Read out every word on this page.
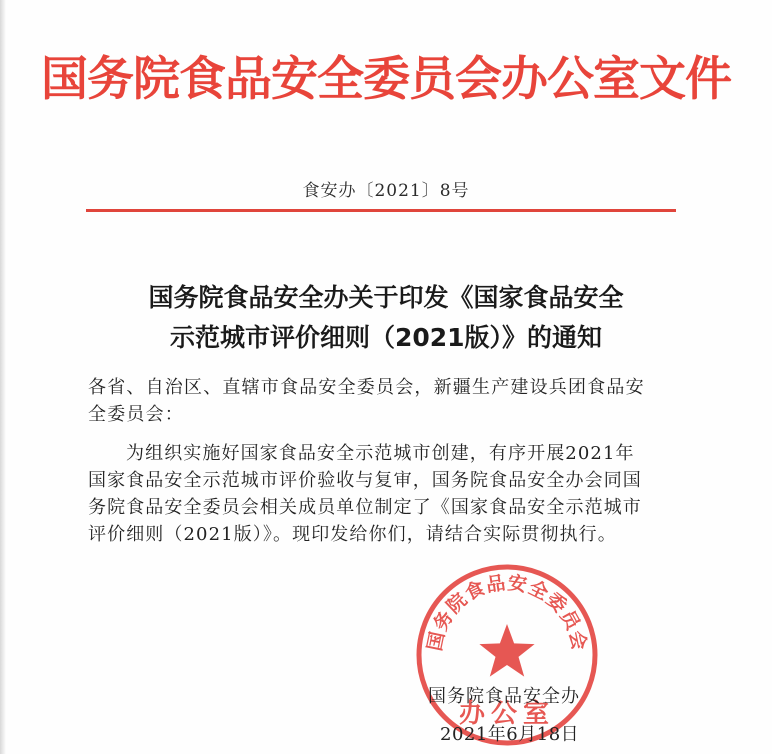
国务院食品安全委员会办公室文件
食安办〔2021〕8号
国务院食品安全办关于印发《国家食品安全
示范城市评价细则（2021版）》的通知
各省、自治区、直辖市食品安全委员会，新疆生产建设兵团食品安
全委员会：
为组织实施好国家食品安全示范城市创建，有序开展2021年
国家食品安全示范城市评价验收与复审，国务院食品安全办会同国
务院食品安全委员会相关成员单位制定了《国家食品安全示范城市
评价细则（2021版）》。现印发给你们，请结合实际贯彻执行。
国务院食品安全委员会
办公室
国务院食品安全办
2021年6月18日
